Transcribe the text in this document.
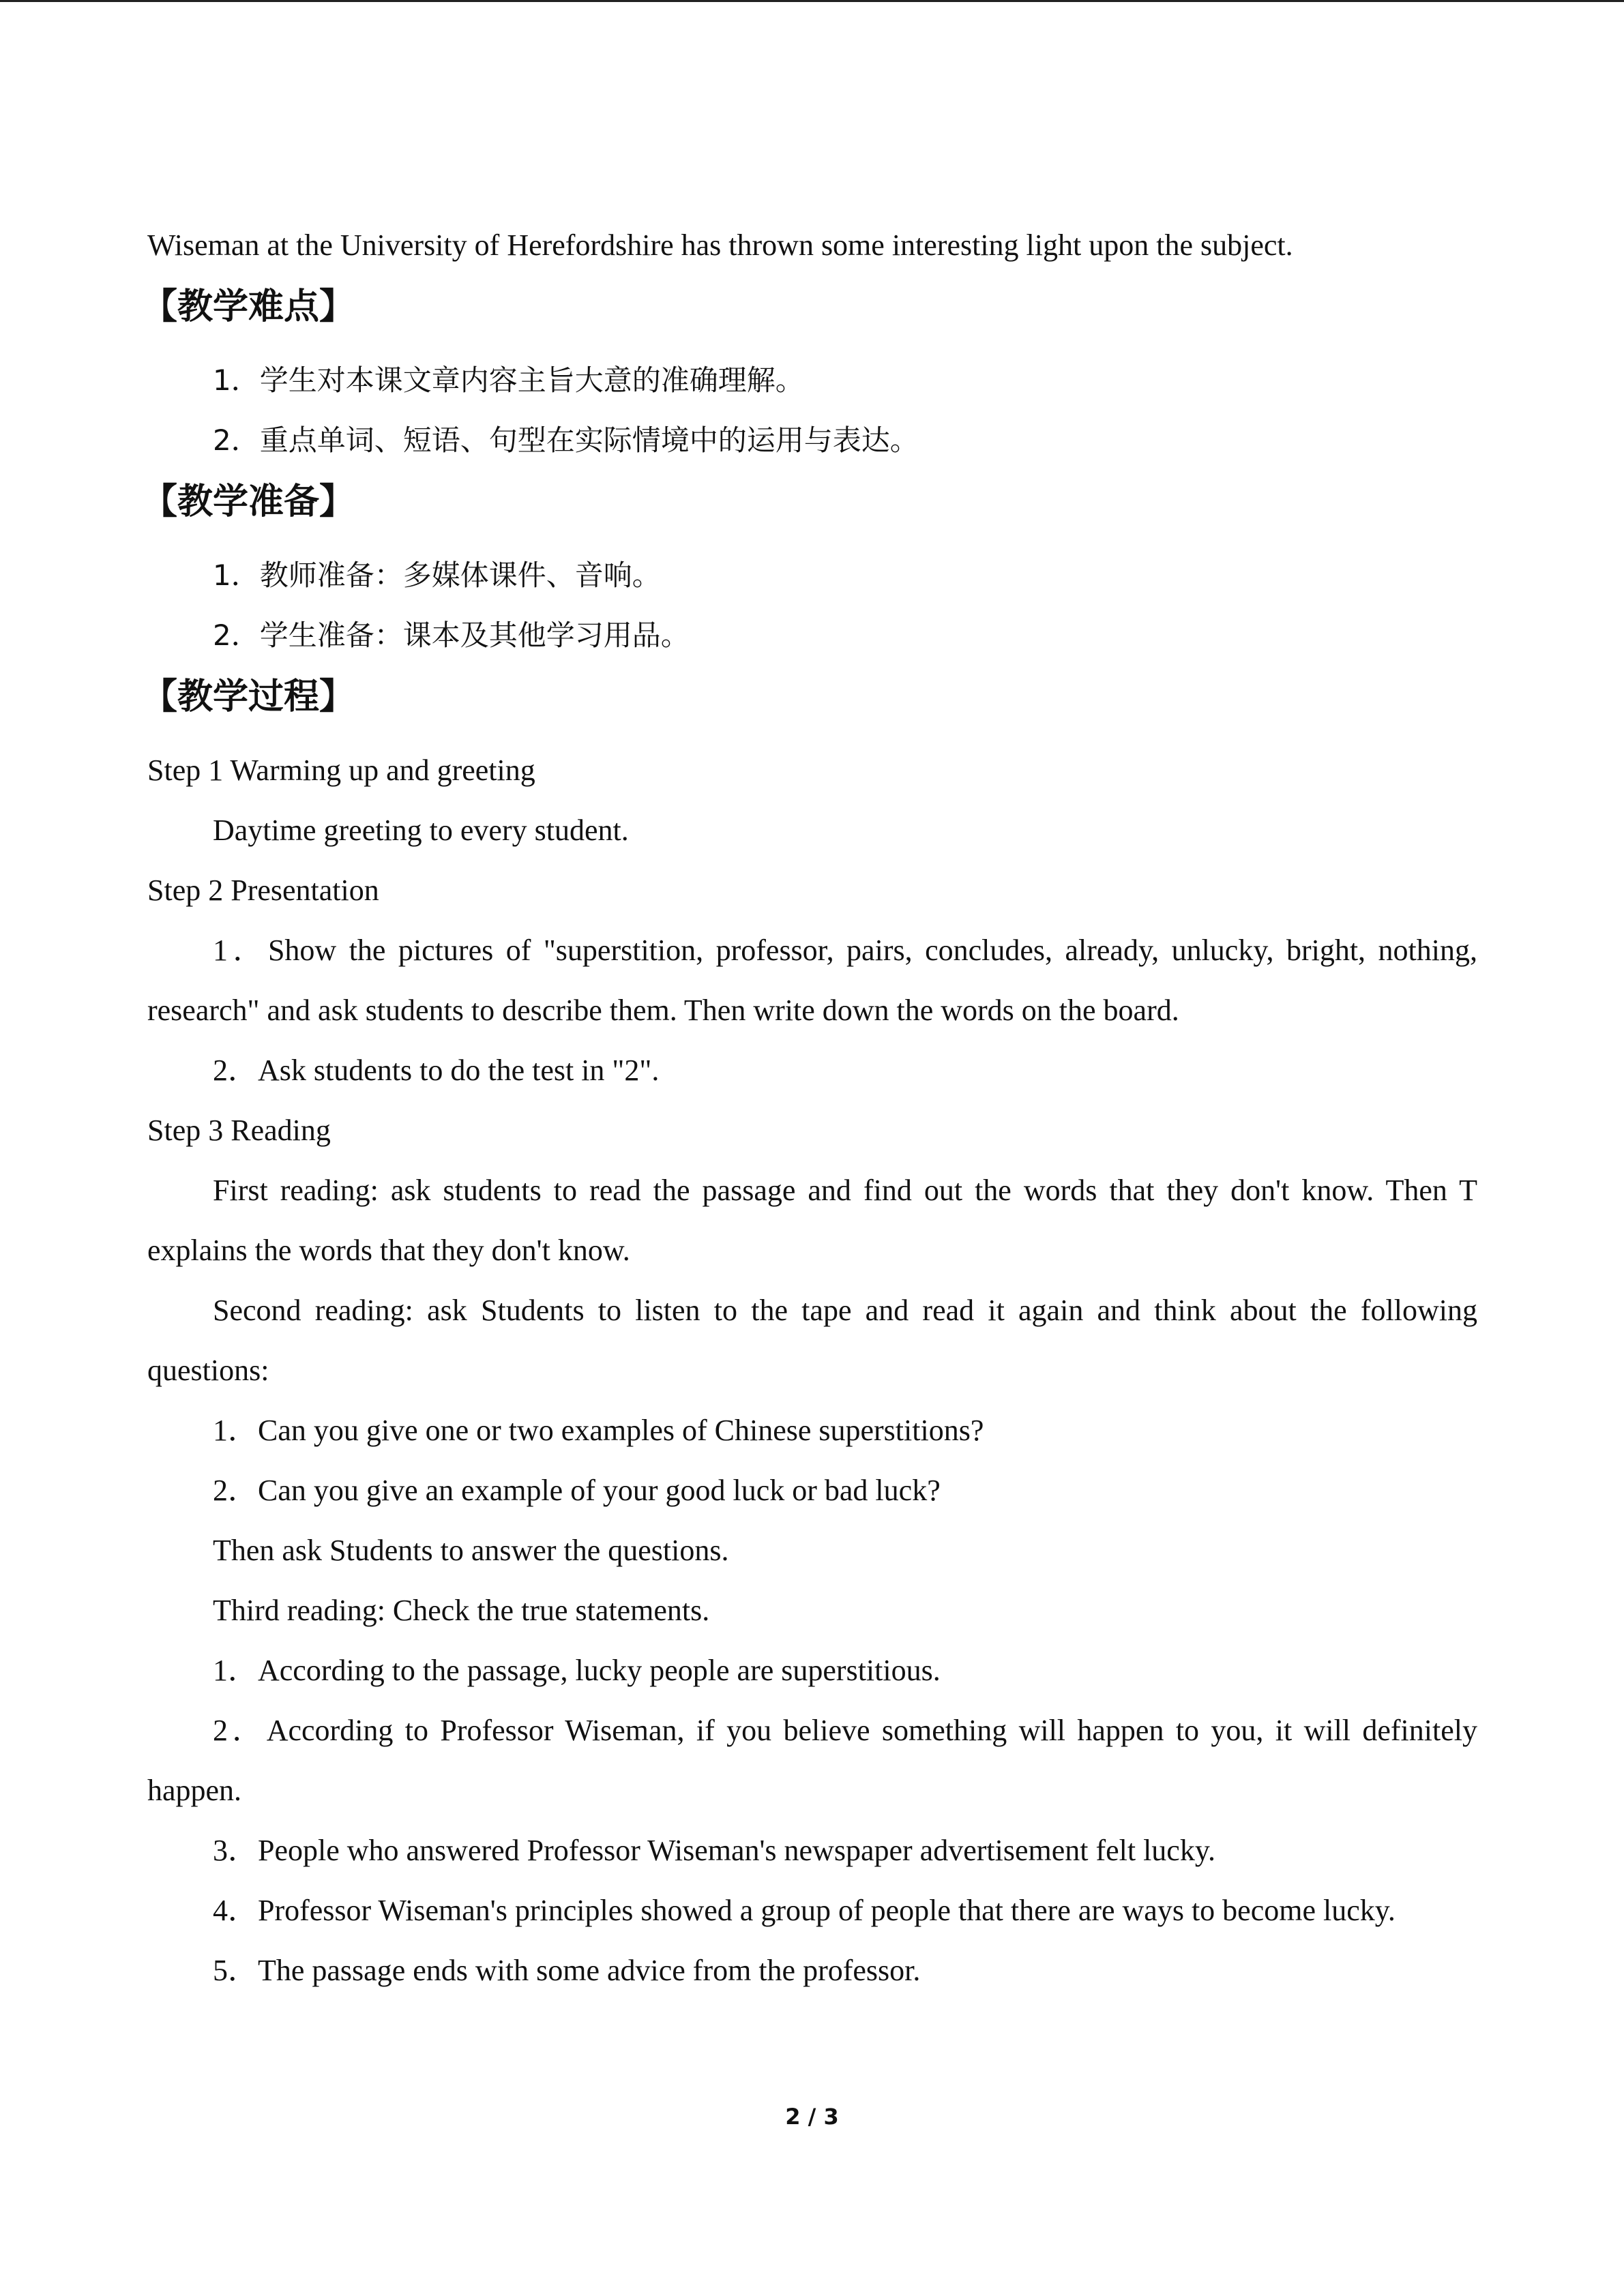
Wiseman at the University of Herefordshire has thrown some interesting light upon the subject.

【教学难点】

1．学生对本课文章内容主旨大意的准确理解。

2．重点单词、短语、句型在实际情境中的运用与表达。

【教学准备】

1．教师准备：多媒体课件、音响。

2．学生准备：课本及其他学习用品。

【教学过程】

Step 1 Warming up and greeting

Daytime greeting to every student.

Step 2 Presentation

1．Show the pictures of "superstition, professor, pairs, concludes, already, unlucky, bright, nothing, research" and ask students to describe them. Then write down the words on the board.

2．Ask students to do the test in "2".

Step 3 Reading

First reading: ask students to read the passage and find out the words that they don't know. Then T explains the words that they don't know.

Second reading: ask Students to listen to the tape and read it again and think about the following questions:

1．Can you give one or two examples of Chinese superstitions?

2．Can you give an example of your good luck or bad luck?

Then ask Students to answer the questions.

Third reading: Check the true statements.

1．According to the passage, lucky people are superstitious.

2．According to Professor Wiseman, if you believe something will happen to you, it will definitely happen.

3．People who answered Professor Wiseman's newspaper advertisement felt lucky.

4．Professor Wiseman's principles showed a group of people that there are ways to become lucky.

5．The passage ends with some advice from the professor.

2 / 3
